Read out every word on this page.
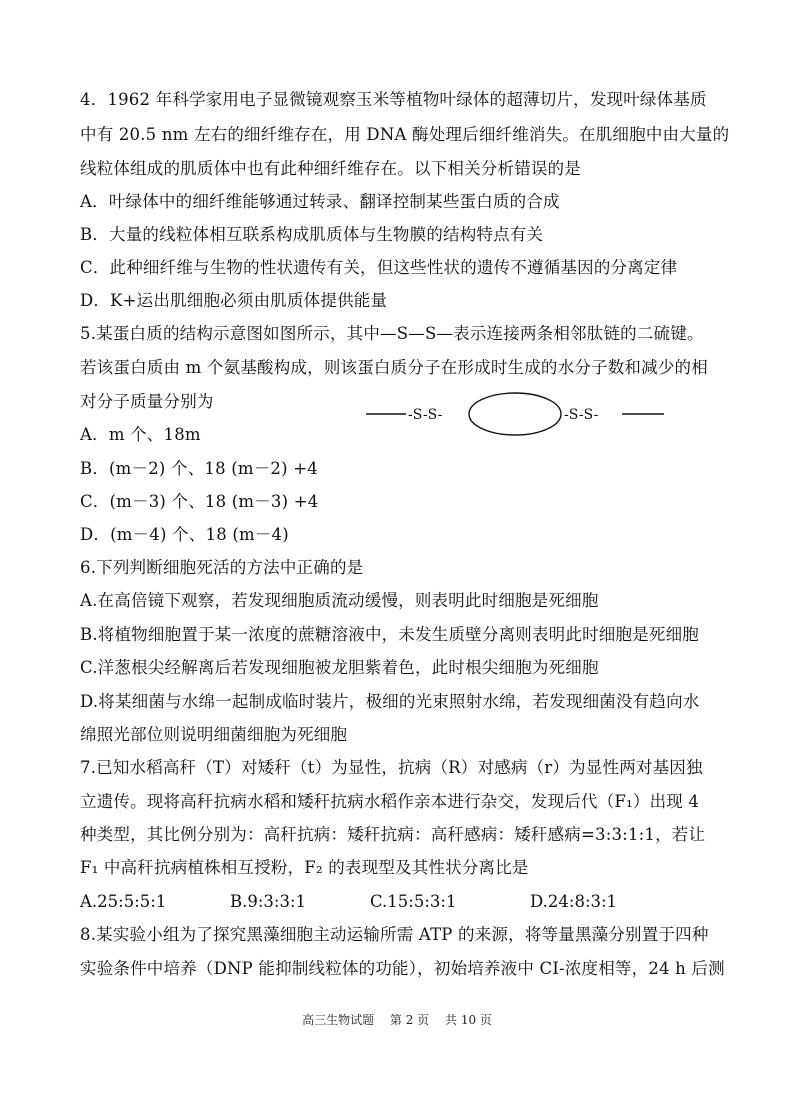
4．1962 年科学家用电子显微镜观察玉米等植物叶绿体的超薄切片，发现叶绿体基质
中有 20.5 nm 左右的细纤维存在，用 DNA 酶处理后细纤维消失。在肌细胞中由大量的
线粒体组成的肌质体中也有此种细纤维存在。以下相关分析错误的是
A．叶绿体中的细纤维能够通过转录、翻译控制某些蛋白质的合成
B．大量的线粒体相互联系构成肌质体与生物膜的结构特点有关
C．此种细纤维与生物的性状遗传有关，但这些性状的遗传不遵循基因的分离定律
D．K+运出肌细胞必须由肌质体提供能量
5.某蛋白质的结构示意图如图所示，其中—S—S—表示连接两条相邻肽链的二硫键。
若该蛋白质由 m 个氨基酸构成，则该蛋白质分子在形成时生成的水分子数和减少的相
对分子质量分别为
-S-S-	-S-S-
A．m 个、18m
B．(m－2) 个、18 (m－2) +4
C．(m－3) 个、18 (m－3) +4
D．(m－4) 个、18 (m－4)
6.下列判断细胞死活的方法中正确的是
A.在高倍镜下观察，若发现细胞质流动缓慢，则表明此时细胞是死细胞
B.将植物细胞置于某一浓度的蔗糖溶液中，未发生质壁分离则表明此时细胞是死细胞
C.洋葱根尖经解离后若发现细胞被龙胆紫着色，此时根尖细胞为死细胞
D.将某细菌与水绵一起制成临时装片，极细的光束照射水绵，若发现细菌没有趋向水
绵照光部位则说明细菌细胞为死细胞
7.已知水稻高秆（T）对矮秆（t）为显性，抗病（R）对感病（r）为显性两对基因独
立遗传。现将高秆抗病水稻和矮秆抗病水稻作亲本进行杂交，发现后代（F₁）出现 4
种类型，其比例分别为：高秆抗病：矮秆抗病：高秆感病：矮秆感病=3:3:1:1，若让
F₁ 中高秆抗病植株相互授粉，F₂ 的表现型及其性状分离比是
A.25:5:5:1	B.9:3:3:1	C.15:5:3:1	D.24:8:3:1
8.某实验小组为了探究黑藻细胞主动运输所需 ATP 的来源，将等量黑藻分别置于四种
实验条件中培养（DNP 能抑制线粒体的功能），初始培养液中 CI-浓度相等，24 h 后测
高三生物试题 第 2 页 共 10 页
